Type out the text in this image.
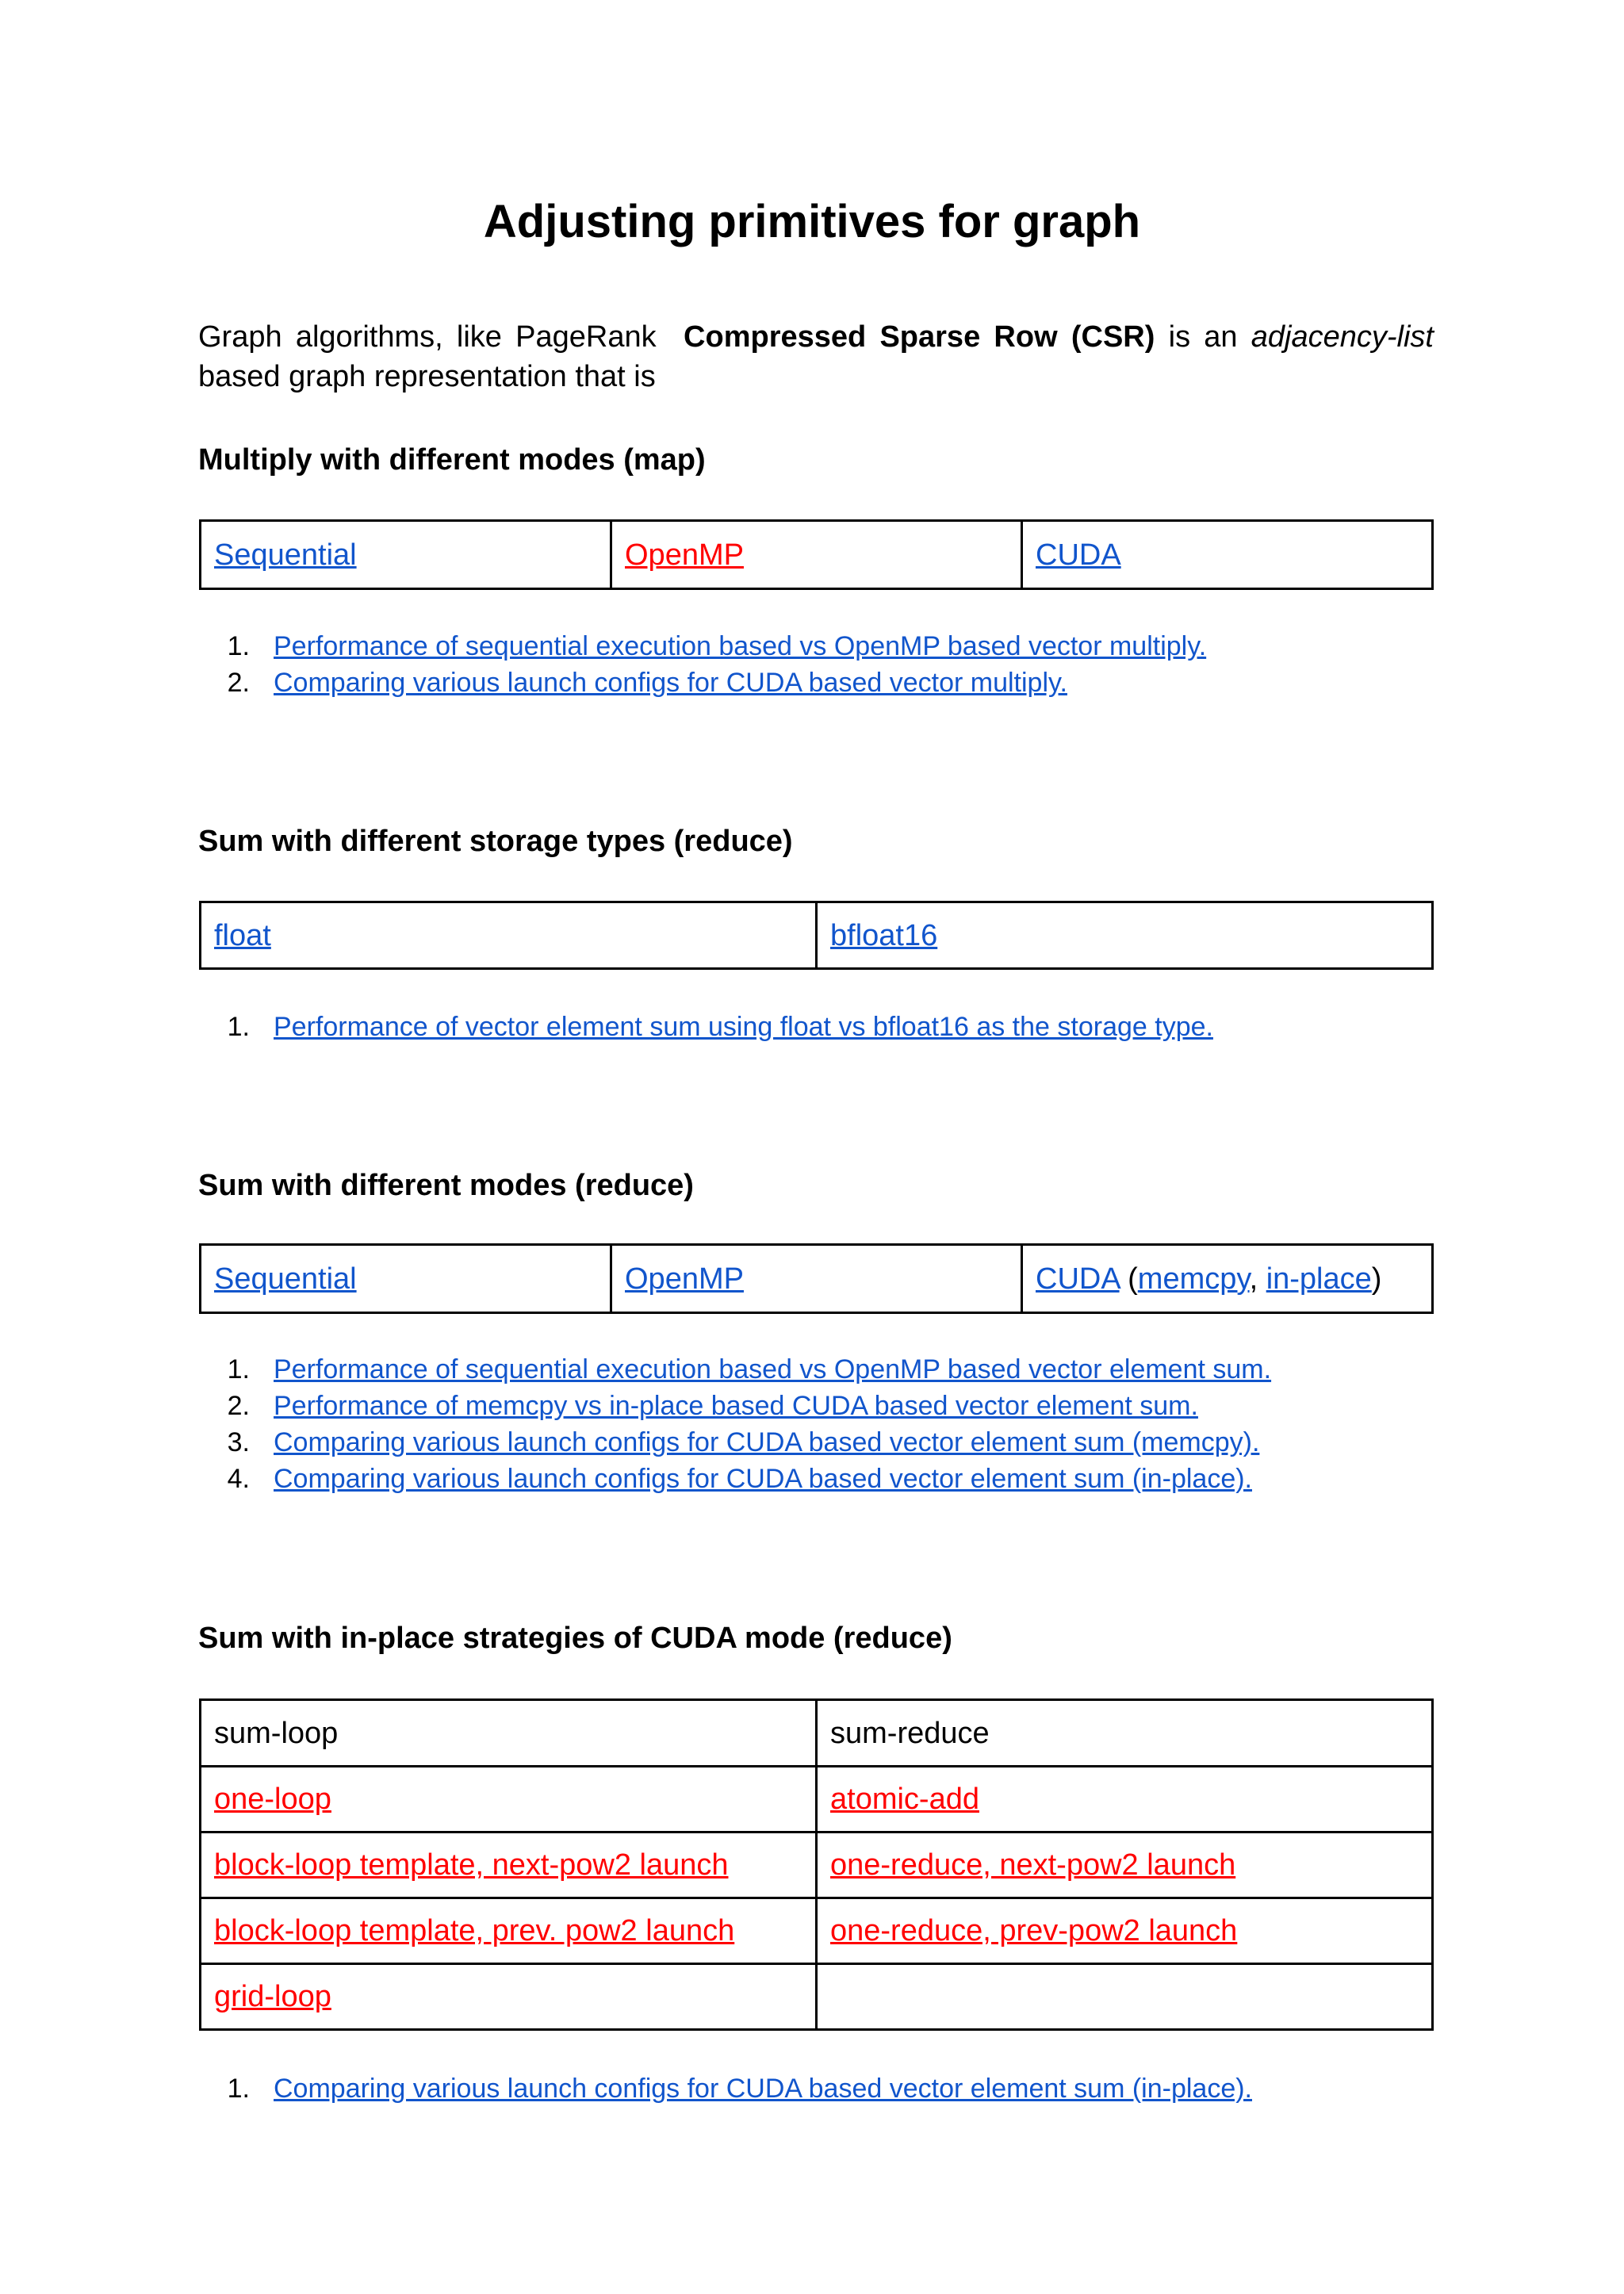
Adjusting primitives for graph
Graph algorithms, like PageRank Compressed Sparse Row (CSR) is an adjacency-list based graph representation that is
Multiply with different modes (map)
Sequential	OpenMP	CUDA
1. Performance of sequential execution based vs OpenMP based vector multiply.
2. Comparing various launch configs for CUDA based vector multiply.
Sum with different storage types (reduce)
float	bfloat16
1. Performance of vector element sum using float vs bfloat16 as the storage type.
Sum with different modes (reduce)
Sequential	OpenMP	CUDA (memcpy, in-place)
1. Performance of sequential execution based vs OpenMP based vector element sum.
2. Performance of memcpy vs in-place based CUDA based vector element sum.
3. Comparing various launch configs for CUDA based vector element sum (memcpy).
4. Comparing various launch configs for CUDA based vector element sum (in-place).
Sum with in-place strategies of CUDA mode (reduce)
sum-loop	sum-reduce
one-loop	atomic-add
block-loop template, next-pow2 launch	one-reduce, next-pow2 launch
block-loop template, prev. pow2 launch	one-reduce, prev-pow2 launch
grid-loop	
1. Comparing various launch configs for CUDA based vector element sum (in-place).
